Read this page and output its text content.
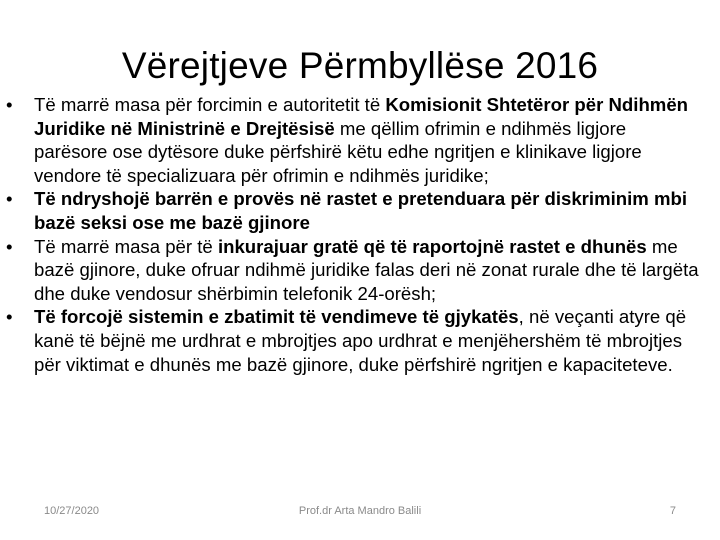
Vërejtjeve Përmbyllëse 2016
•	Të marrë masa për forcimin e autoritetit të Komisionit Shtetëror për Ndihmën Juridike në Ministrinë e Drejtësisë me qëllim ofrimin e ndihmës ligjore parësore ose dytësore duke përfshirë këtu edhe ngritjen e klinikave ligjore vendore të specializuara për ofrimin e ndihmës juridike;
•	Të ndryshojë barrën e provës në rastet e pretenduara për diskriminim mbi bazë seksi ose me bazë gjinore
•	Të marrë masa për të inkurajuar gratë që të raportojnë rastet e dhunës me bazë gjinore, duke ofruar ndihmë juridike falas deri në zonat rurale dhe të largëta dhe duke vendosur shërbimin telefonik 24-orësh;
•	Të forcojë sistemin e zbatimit të vendimeve të gjykatës, në veçanti atyre që kanë të bëjnë me urdhrat e mbrojtjes apo urdhrat e menjëhershëm të mbrojtjes për viktimat e dhunës me bazë gjinore, duke përfshirë ngritjen e kapaciteteve.
10/27/2020	Prof.dr Arta Mandro Balili	7
